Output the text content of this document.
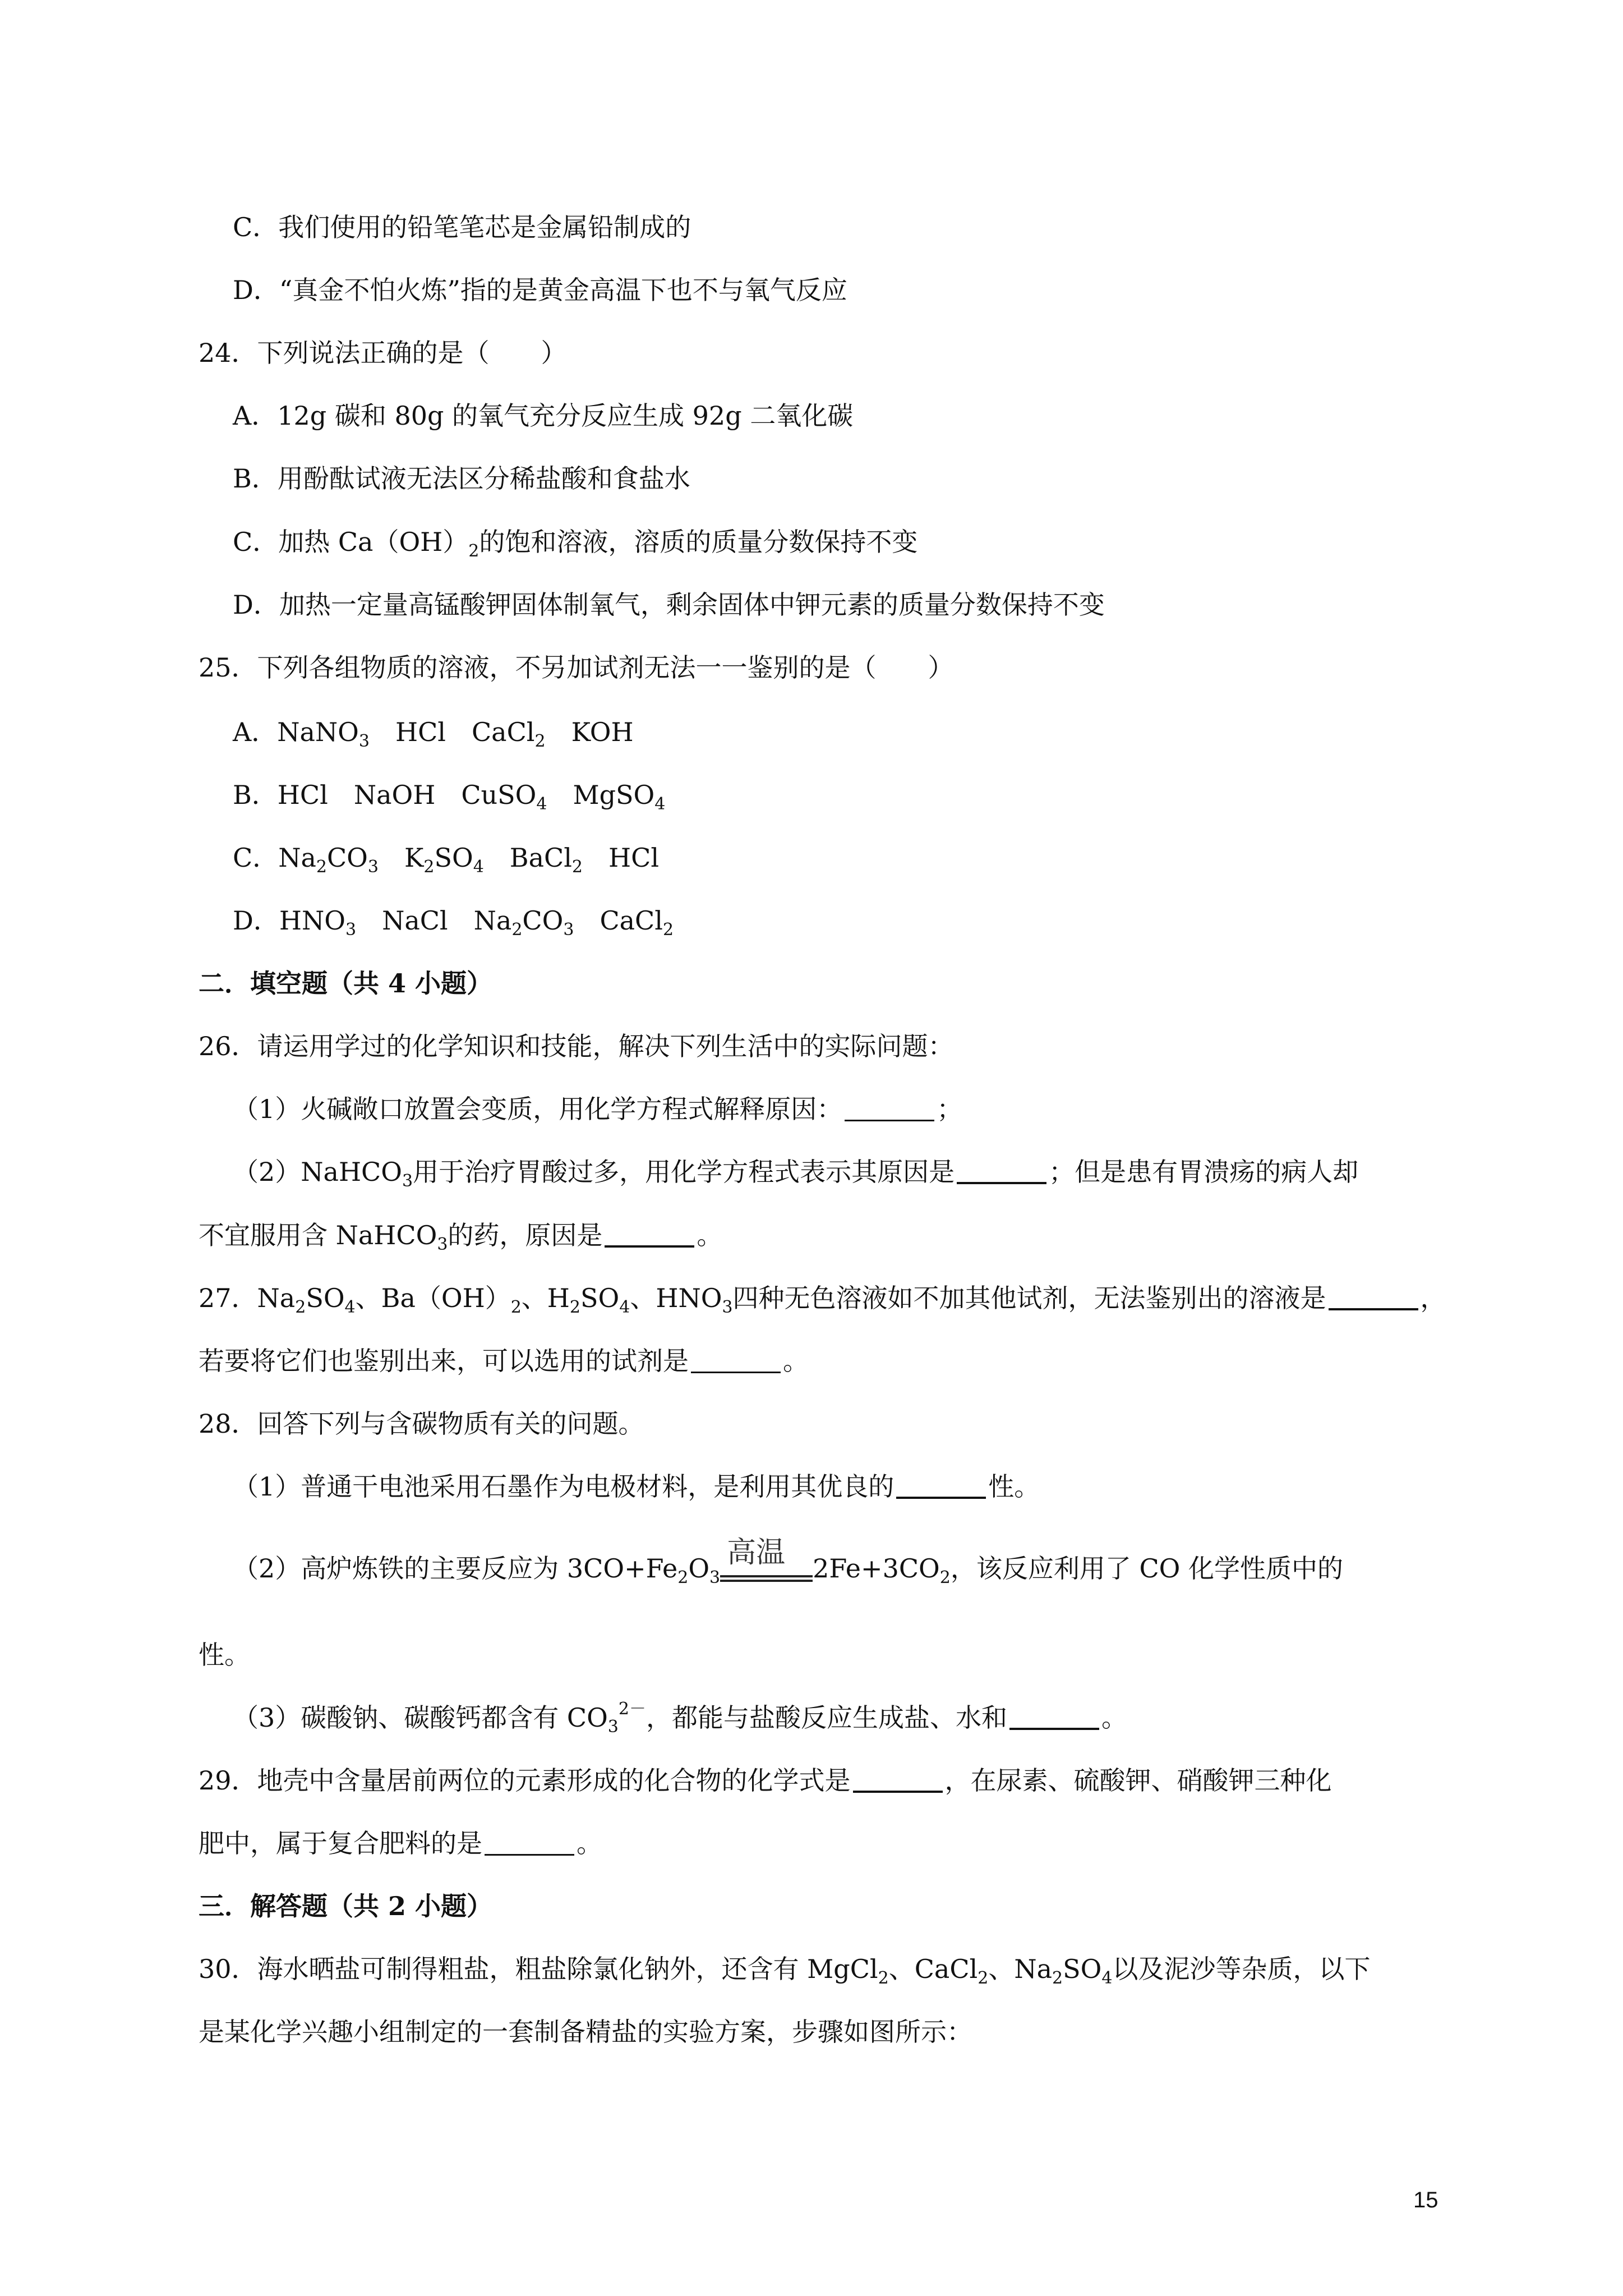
C．我们使用的铅笔笔芯是金属铅制成的
D．“真金不怕火炼”指的是黄金高温下也不与氧气反应
24．下列说法正确的是（　　）
A．12g 碳和 80g 的氧气充分反应生成 92g 二氧化碳
B．用酚酞试液无法区分稀盐酸和食盐水
C．加热 $Ca(OH)_2$的饱和溶液，溶质的质量分数保持不变
D．加热一定量高锰酸钾固体制氧气，剩余固体中钾元素的质量分数保持不变
25．下列各组物质的溶液，不另加试剂无法一一鉴别的是（　　）
A．NaNO$_3$　HCl　CaCl$_2$　KOH
B．HCl　NaOH　CuSO$_4$　MgSO$_4$
C．$Na_2CO_3$　$K_2SO_4$　BaCl$_2$　HCl
D．$HNO_3$　NaCl　$Na_2CO_3$　CaCl$_2$
二．填空题（共 4 小题）
26．请运用学过的化学知识和技能，解决下列生活中的实际问题：
（1）火碱敞口放置会变质，用化学方程式解释原因：	；
（2）NaHCO$_3$用于治疗胃酸过多，用化学方程式表示其原因是	；但是患有胃溃疡的病人却
不宜服用含 NaHCO$_3$的药，原因是	。
27．$Na_2SO_4$、$Ba(OH)_2$、$H_2SO_4$、$HNO_3$四种无色溶液如不加其他试剂，无法鉴别出的溶液是	，
若要将它们也鉴别出来，可以选用的试剂是	。
28．回答下列与含碳物质有关的问题。
（1）普通干电池采用石墨作为电极材料，是利用其优良的	性。
（2）高炉炼铁的主要反应为 $3CO+Fe_2O_3$
高温 $2Fe+3CO_2$，该反应利用了 CO 化学性质中的
性。
（3）碳酸钠、碳酸钙都含有 $CO_3^{2-}$，都能与盐酸反应生成盐、水和	。
29．地壳中含量居前两位的元素形成的化合物的化学式是	，在尿素、硫酸钾、硝酸钾三种化
肥中，属于复合肥料的是	。
三．解答题（共 2 小题）
30．海水晒盐可制得粗盐，粗盐除氯化钠外，还含有 MgCl$_2$、CaCl$_2$、$Na_2SO_4$以及泥沙等杂质，以下
是某化学兴趣小组制定的一套制备精盐的实验方案，步骤如图所示：
15
